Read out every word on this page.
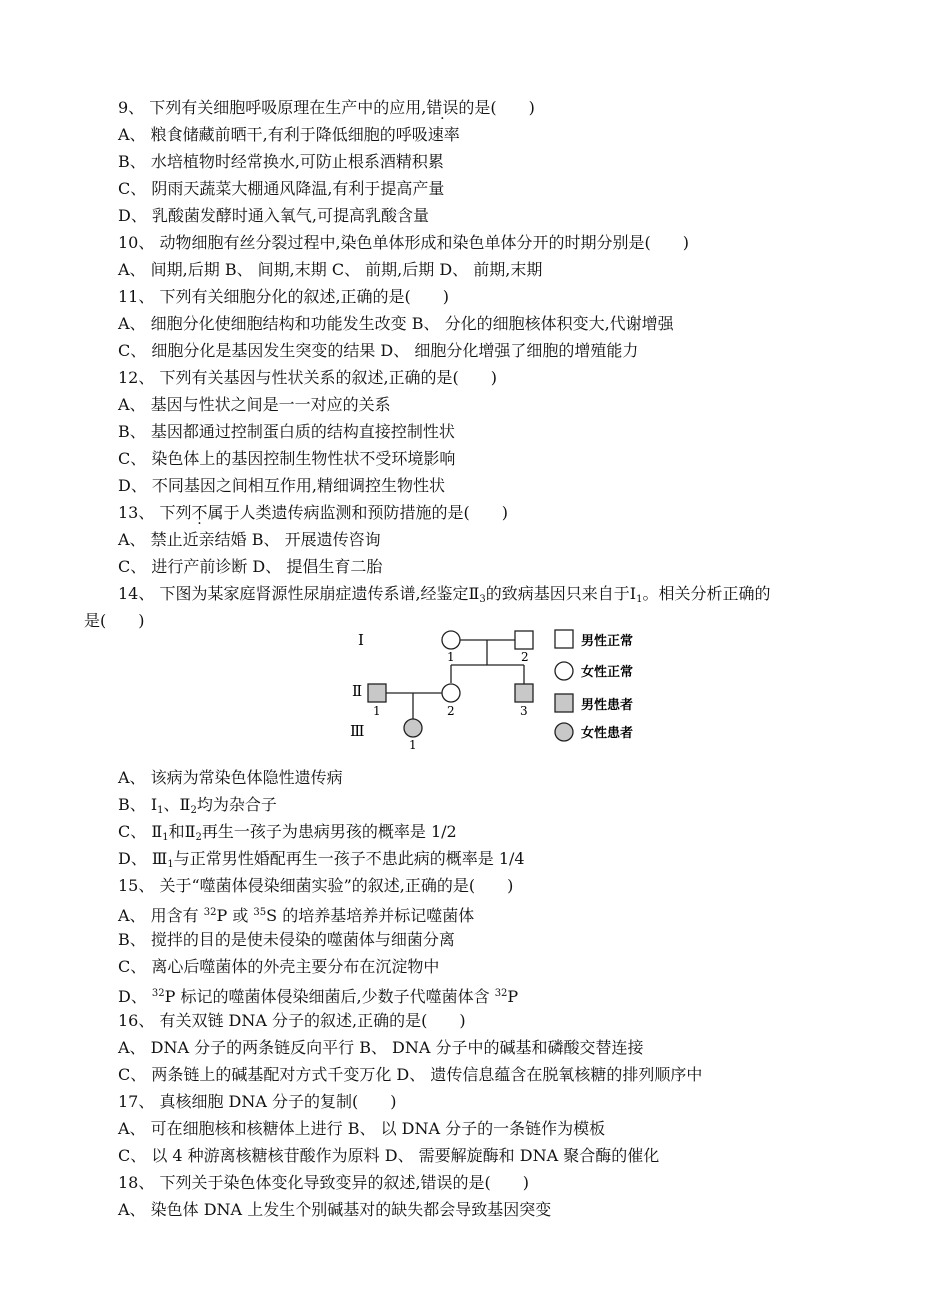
9、 下列有关细胞呼吸原理在生产中的应用,错误的是(　　)
A、 粮食储藏前晒干,有利于降低细胞的呼吸速率
B、 水培植物时经常换水,可防止根系酒精积累
C、 阴雨天蔬菜大棚通风降温,有利于提高产量
D、 乳酸菌发酵时通入氧气,可提高乳酸含量
10、 动物细胞有丝分裂过程中,染色单体形成和染色单体分开的时期分别是(　　)
A、 间期,后期 B、 间期,末期 C、 前期,后期 D、 前期,末期
11、 下列有关细胞分化的叙述,正确的是(　　)
A、 细胞分化使细胞结构和功能发生改变 B、 分化的细胞核体积变大,代谢增强
C、 细胞分化是基因发生突变的结果 D、 细胞分化增强了细胞的增殖能力
12、 下列有关基因与性状关系的叙述,正确的是(　　)
A、 基因与性状之间是一一对应的关系
B、 基因都通过控制蛋白质的结构直接控制性状
C、 染色体上的基因控制生物性状不受环境影响
D、 不同基因之间相互作用,精细调控生物性状
13、 下列不属于人类遗传病监测和预防措施的是(　　)
A、 禁止近亲结婚 B、 开展遗传咨询
C、 进行产前诊断 D、 提倡生育二胎
14、 下图为某家庭肾源性尿崩症遗传系谱,经鉴定$Ⅱ_3$的致病基因只来自于$Ⅰ_1$。相关分析正确的
是(　　)
Ⅰ
Ⅱ
Ⅲ
1	2
1	2	3
1
男性正常
女性正常
男性患者
女性患者
A、 该病为常染色体隐性遗传病
B、 $Ⅰ_1$、$Ⅱ_2$均为杂合子
C、 $Ⅱ_1$和$Ⅱ_2$再生一孩子为患病男孩的概率是 1/2
D、 $Ⅲ_1$与正常男性婚配再生一孩子不患此病的概率是 1/4
15、 关于“噬菌体侵染细菌实验”的叙述,正确的是(　　)
A、 用含有 $^{32}$P 或 $^{35}$S 的培养基培养并标记噬菌体
B、 搅拌的目的是使未侵染的噬菌体与细菌分离
C、 离心后噬菌体的外壳主要分布在沉淀物中
D、 $^{32}$P 标记的噬菌体侵染细菌后,少数子代噬菌体含 $^{32}$P
16、 有关双链 DNA 分子的叙述,正确的是(　　)
A、 DNA 分子的两条链反向平行 B、 DNA 分子中的碱基和磷酸交替连接
C、 两条链上的碱基配对方式千变万化 D、 遗传信息蕴含在脱氧核糖的排列顺序中
17、 真核细胞 DNA 分子的复制(　　)
A、 可在细胞核和核糖体上进行 B、 以 DNA 分子的一条链作为模板
C、 以 4 种游离核糖核苷酸作为原料 D、 需要解旋酶和 DNA 聚合酶的催化
18、 下列关于染色体变化导致变异的叙述,错误的是(　　)
A、 染色体 DNA 上发生个别碱基对的缺失都会导致基因突变
